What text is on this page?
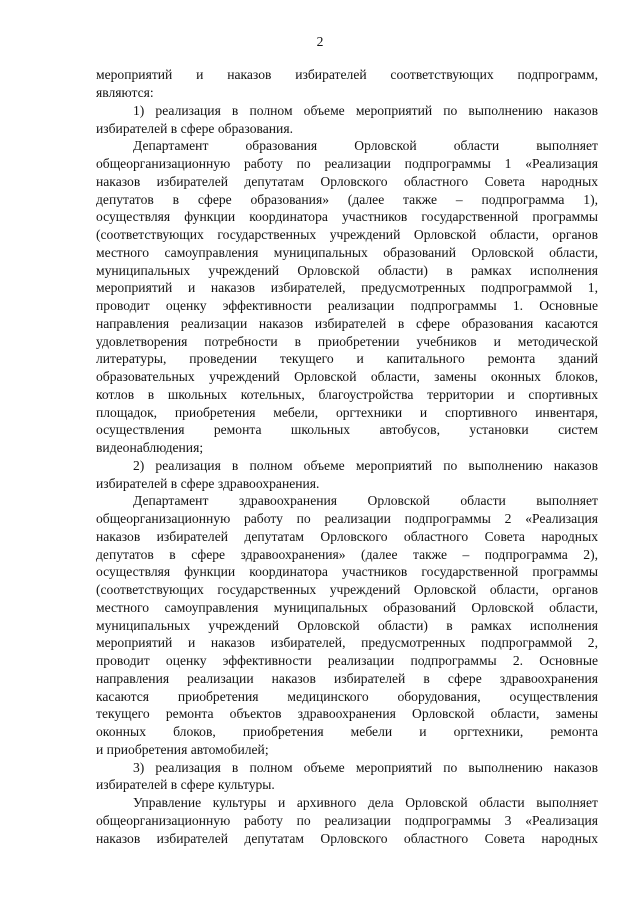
2
мероприятий и наказов избирателей соответствующих подпрограмм,
являются:
1) реализация в полном объеме мероприятий по выполнению наказов
избирателей в сфере образования.
Департамент образования Орловской области выполняет
общеорганизационную работу по реализации подпрограммы 1 «Реализация
наказов избирателей депутатам Орловского областного Совета народных
депутатов в сфере образования» (далее также – подпрограмма 1),
осуществляя функции координатора участников государственной программы
(соответствующих государственных учреждений Орловской области, органов
местного самоуправления муниципальных образований Орловской области,
муниципальных учреждений Орловской области) в рамках исполнения
мероприятий и наказов избирателей, предусмотренных подпрограммой 1,
проводит оценку эффективности реализации подпрограммы 1. Основные
направления реализации наказов избирателей в сфере образования касаются
удовлетворения потребности в приобретении учебников и методической
литературы, проведении текущего и капитального ремонта зданий
образовательных учреждений Орловской области, замены оконных блоков,
котлов в школьных котельных, благоустройства территории и спортивных
площадок, приобретения мебели, оргтехники и спортивного инвентаря,
осуществления ремонта школьных автобусов, установки систем
видеонаблюдения;
2) реализация в полном объеме мероприятий по выполнению наказов
избирателей в сфере здравоохранения.
Департамент здравоохранения Орловской области выполняет
общеорганизационную работу по реализации подпрограммы 2 «Реализация
наказов избирателей депутатам Орловского областного Совета народных
депутатов в сфере здравоохранения» (далее также – подпрограмма 2),
осуществляя функции координатора участников государственной программы
(соответствующих государственных учреждений Орловской области, органов
местного самоуправления муниципальных образований Орловской области,
муниципальных учреждений Орловской области) в рамках исполнения
мероприятий и наказов избирателей, предусмотренных подпрограммой 2,
проводит оценку эффективности реализации подпрограммы 2. Основные
направления реализации наказов избирателей в сфере здравоохранения
касаются приобретения медицинского оборудования, осуществления
текущего ремонта объектов здравоохранения Орловской области, замены
оконных блоков, приобретения мебели и оргтехники, ремонта
и приобретения автомобилей;
3) реализация в полном объеме мероприятий по выполнению наказов
избирателей в сфере культуры.
Управление культуры и архивного дела Орловской области выполняет
общеорганизационную работу по реализации подпрограммы 3 «Реализация
наказов избирателей депутатам Орловского областного Совета народных
